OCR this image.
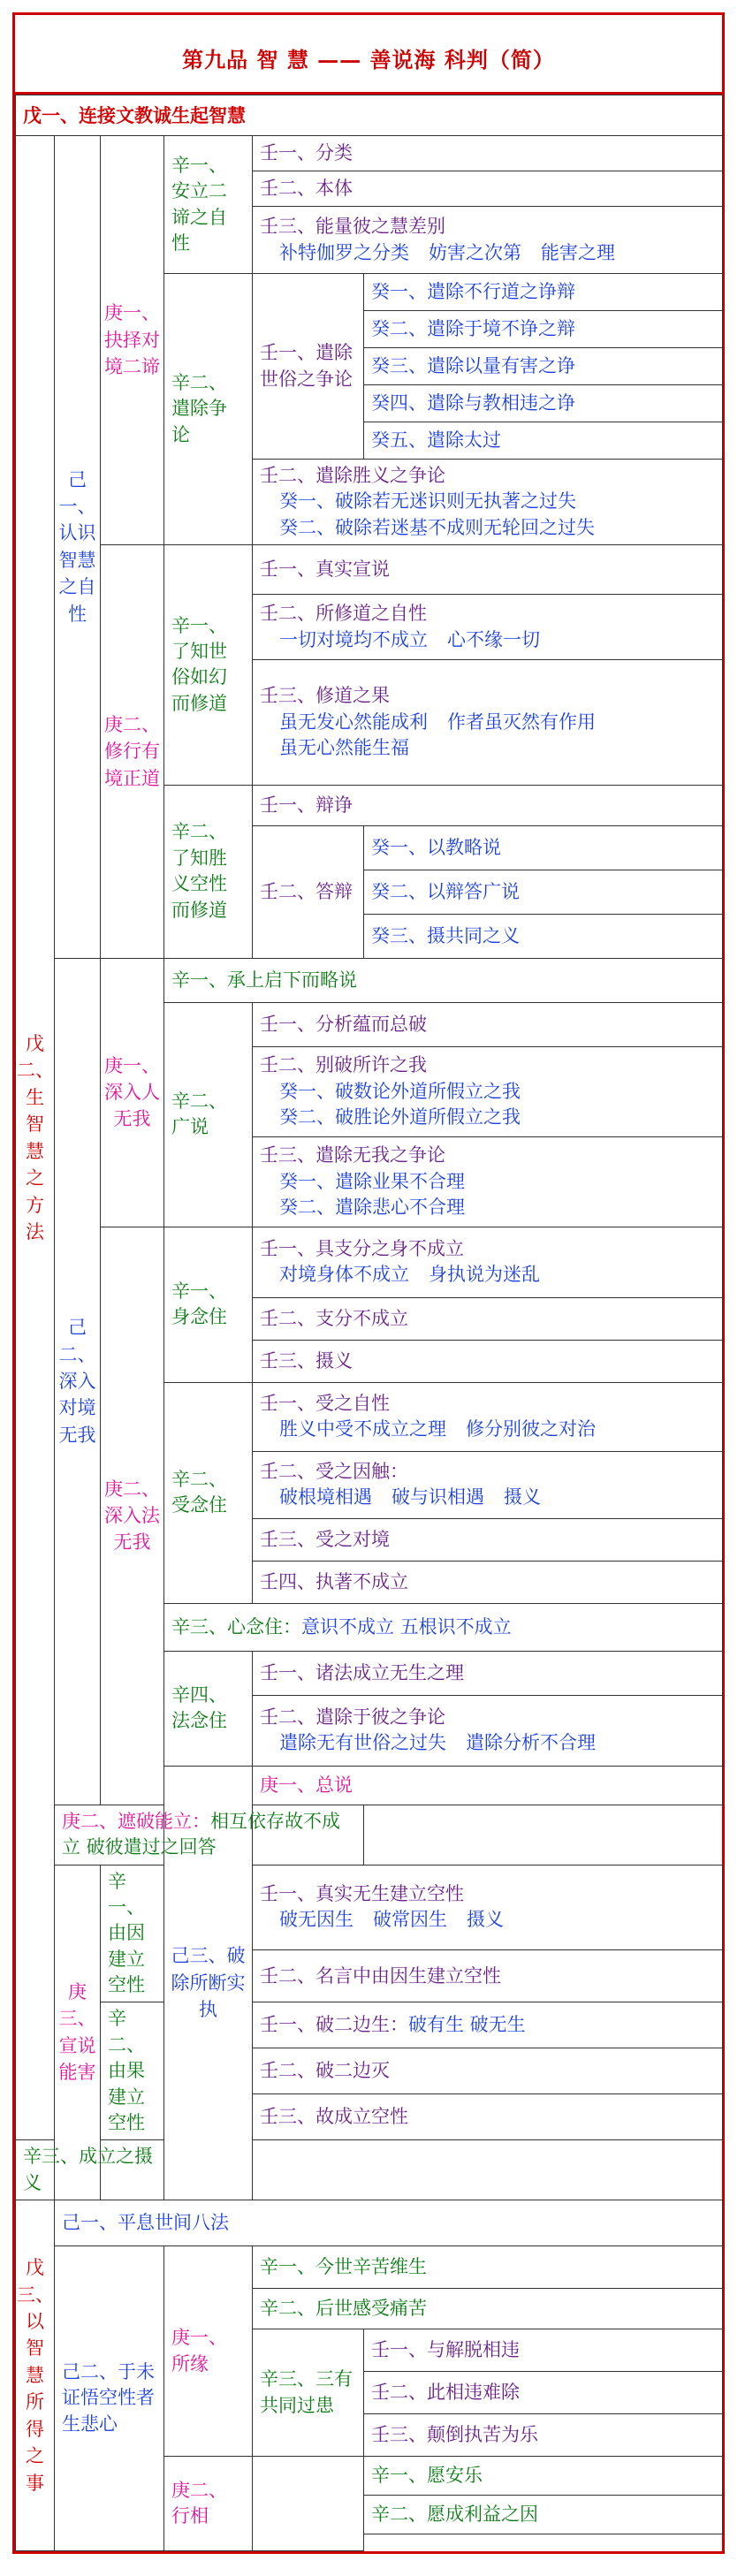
第九品 智 慧 —— 善说海 科判（简）
戊一、连接文教诚生起智慧					
戊二、生智慧之方法	己一、认识智慧之自性	庚一、抉择对境二谛	辛一、安立二谛之自性	壬一、分类	
				壬二、本体	
				壬三、能量彼之慧差别
补特伽罗之分类 妨害之次第 能害之理	

			辛二、遣除争论	壬一、遣除世俗之争论	癸一、遣除不行道之诤辩
					癸二、遣除于境不诤之辩
					癸三、遣除以量有害之诤
					癸四、遣除与教相违之诤
					癸五、遣除太过
				壬二、遣除胜义之争论
癸一、破除若无迷识则无执著之过失
癸二、破除若迷基不成则无轮回之过失	

		庚二、修行有境正道	辛一、了知世俗如幻而修道	壬一、真实宣说	
				壬二、所修道之自性
一切对境均不成立 心不缘一切	

				壬三、修道之果
虽无发心然能成利 作者虽灭然有作用
虽无心然能生福	

			辛二、了知胜义空性而修道	壬一、辩诤	
				壬二、答辩	癸一、以教略说
					癸二、以辩答广说
					癸三、摄共同之义
	己二、深入对境无我	庚一、深入人无我	辛一、承上启下而略说		
			辛二、广说	壬一、分析蕴而总破	
				壬二、别破所许之我
癸一、破数论外道所假立之我
癸二、破胜论外道所假立之我	

				壬三、遣除无我之争论
癸一、遣除业果不合理
癸二、遣除悲心不合理	

		庚二、深入法无我	辛一、身念住	壬一、具支分之身不成立
对境身体不成立 身执说为迷乱	

				壬二、支分不成立	
				壬三、摄义	
			辛二、受念住	壬一、受之自性
胜义中受不成立之理 修分别彼之对治	

				壬二、受之因触：
破根境相遇 破与识相遇 摄义	

				壬三、受之对境	
				壬四、执著不成立	
			辛三、心念住：意识不成立 五根识不成立		
			辛四、法念住	壬一、诸法成立无生之理	
				壬二、遣除于彼之争论
遣除无有世俗之过失 遣除分析不合理	

			己三、破除所断实执	庚一、总说	
	庚二、遮破能立：相互依存故不成立 破彼遣过之回答				
	庚三、宣说能害	辛一、由因建立空性		壬一、真实无生建立空性
破无因生 破常因生 摄义	

				壬二、名言中由因生建立空性	
		辛二、由果建立空性		壬一、破二边生：破有生 破无生	
				壬二、破二边灭	
				壬三、故成立空性	
辛三、成立之摄义					
戊三、以智慧所得之事	己一、平息世间八法				
	己二、于未证悟空性者生悲心		庚一、所缘	辛一、今世辛苦维生	
				辛二、后世感受痛苦	
				辛三、三有共同过患	壬一、与解脱相违
					壬二、此相违难除
					壬三、颠倒执苦为乐
			庚二、行相		辛一、愿安乐
					辛二、愿成利益之因
